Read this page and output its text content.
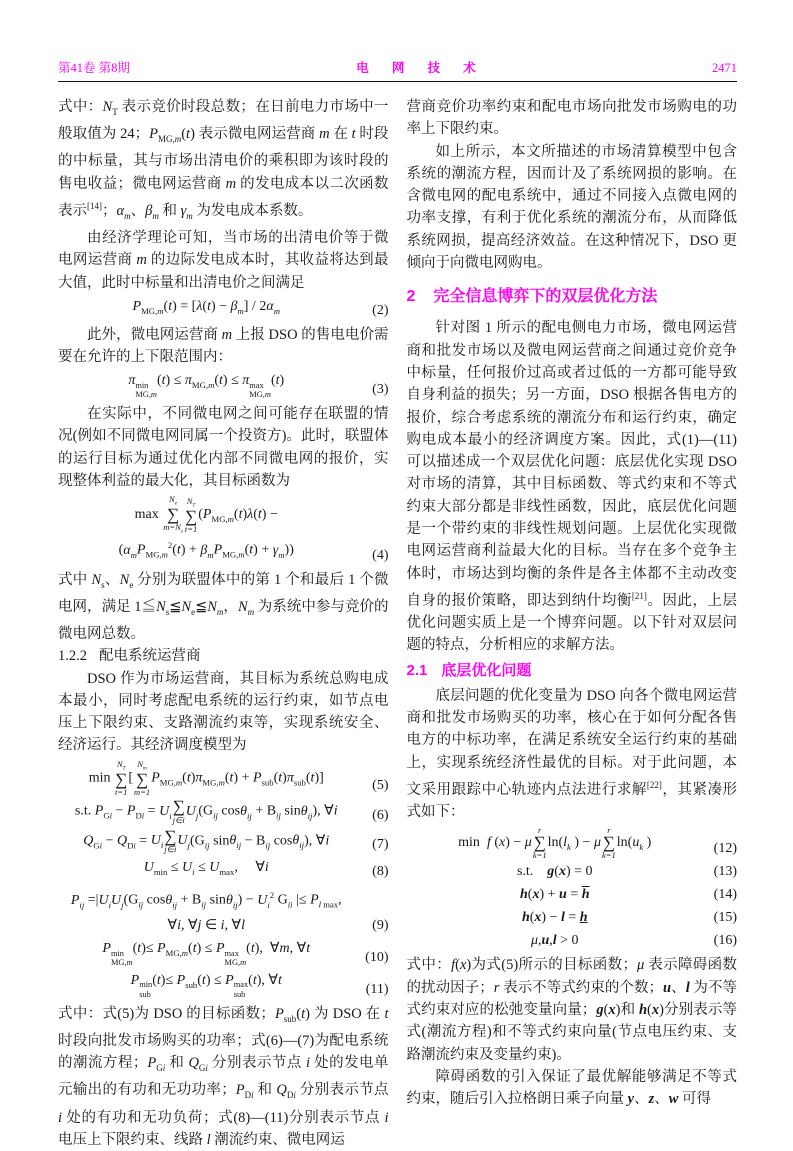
第41卷 第8期	电 网 技 术	2471

式中：$N_T$ 表示竞价时段总数；在日前电力市场中一般取值为 24；$P_{MG,m}(t)$ 表示微电网运营商 m 在 t 时段的中标量，其与市场出清电价的乘积即为该时段的售电收益；微电网运营商 m 的发电成本以二次函数表示[14]；$\alpha_m$、$\beta_m$ 和 $\gamma_m$ 为发电成本系数。

由经济学理论可知，当市场的出清电价等于微电网运营商 m 的边际发电成本时，其收益将达到最大值，此时中标量和出清电价之间满足

$P_{MG,m}(t) = [\lambda(t) - \beta_m] / 2\alpha_m$	(2)

此外，微电网运营商 m 上报 DSO 的售电电价需要在允许的上下限范围内：

π min
MG,m
$(t) \le \pi_{MG,m}(t) \le \pi$ max
MG,m
(t)
(3)

在实际中，不同微电网之间可能存在联盟的情况(例如不同微电网同属一个投资方)。此时，联盟体的运行目标为通过优化内部不同微电网的报价，实现整体利益的最大化，其目标函数为

max
$N_e$
∑
$m=N_s$
$N_T$
∑
t=1
($P_{MG,m}(t)\lambda(t)$ −
$(\alpha_mP_{MG,m}^2(t) + \beta_mP_{MG,m}(t) + \gamma_m)$)	(4)

式中 $N_s$、$N_e$ 分别为联盟体中的第 1 个和最后 1 个微电网，满足 $1≦N_s≦N_e≦N_m$，$N_m$ 为系统中参与竞价的微电网总数。

1.2.2 配电系统运营商

DSO 作为市场运营商，其目标为系统总购电成本最小，同时考虑配电系统的运行约束，如节点电压上下限约束、支路潮流约束等，实现系统安全、经济运行。其经济调度模型为

min
$N_T$
∑
t=1
[
$N_m$
∑
m=1
$P_{MG,m}(t)\pi_{MG,m}(t) + P_{sub}(t)\pi_{sub}(t)$]
(5)
s.t. $P_{Gi} - P_{Di} = U_i$ ∑
j∈i
$U_j(G_{ij}$ $\cos\theta_{ij} + B_{ij}$ sinθ$_{ij}$), ∀i	(6)
$Q_{Gi} - Q_{Di} = U_i$ ∑
j∈i
$U_j(G_{ij}$ $\sin\theta_{ij} - B_{ij}$ cosθ$_{ij}$), ∀i	(7)
$U_{min} \le U_i \le U_{max}$,     ∀i	(8)
$P_{ij} =|U_iU_j(G_{ij}$ $\cos\theta_{ij} + B_{ij}$ $\sin\theta_{ij}) - U_i^2$ $G_{ii}$ |≤ $P_{l max}$,
∀i, ∀j ∈ i, ∀l	(9)
P min
MG,m
$(t)\le P_{MG,m}(t) \le P$ max
MG,m
(t),  ∀m, ∀t
(10)
P min
sub
$(t)\le P_{sub}(t) \le P$ max
sub
(t), ∀t
(11)

式中：式(5)为 DSO 的目标函数；$P_{sub}(t)$ 为 DSO 在 t 时段向批发市场购买的功率；式(6)—(7)为配电系统的潮流方程；$P_{Gi}$ 和 $Q_{Gi}$ 分别表示节点 i 处的发电单元输出的有功和无功功率；$P_{Di}$ 和 $Q_{Di}$ 分别表示节点 i 处的有功和无功负荷；式(8)—(11)分别表示节点 i 电压上下限约束、线路 l 潮流约束、微电网运

营商竞价功率约束和配电市场向批发市场购电的功率上下限约束。

如上所示，本文所描述的市场清算模型中包含系统的潮流方程，因而计及了系统网损的影响。在含微电网的配电系统中，通过不同接入点微电网的功率支撑，有利于优化系统的潮流分布，从而降低系统网损，提高经济效益。在这种情况下，DSO 更倾向于向微电网购电。

2 完全信息博弈下的双层优化方法

针对图 1 所示的配电侧电力市场，微电网运营商和批发市场以及微电网运营商之间通过竞价竞争中标量，任何报价过高或者过低的一方都可能导致自身利益的损失；另一方面，DSO 根据各售电方的报价，综合考虑系统的潮流分布和运行约束，确定购电成本最小的经济调度方案。因此，式(1)—(11)可以描述成一个双层优化问题：底层优化实现 DSO 对市场的清算，其中目标函数、等式约束和不等式约束大部分都是非线性函数，因此，底层优化问题是一个带约束的非线性规划问题。上层优化实现微电网运营商利益最大化的目标。当存在多个竞争主体时，市场达到均衡的条件是各主体都不主动改变自身的报价策略，即达到纳什均衡[21]。因此，上层优化问题实质上是一个博弈问题。以下针对双层问题的特点，分析相应的求解方法。

2.1 底层优化问题

底层问题的优化变量为 DSO 向各个微电网运营商和批发市场购买的功率，核心在于如何分配各售电方的中标功率，在满足系统安全运行约束的基础上，实现系统经济性最优的目标。对于此问题，本文采用跟踪中心轨迹内点法进行求解[22]，其紧凑形式如下：

min  f (x) − μ
r
∑
k=1
$\ln(l_k$ ) − μ
r
∑
k=1
$\ln(u_k$ )	(12)
s.t.    g(x) = 0	(13)
$h(x) + u = \overline{h}$	(14)
h(x) − l = h	(15)
μ,u,l > 0	(16)

式中：f(x)为式(5)所示的目标函数；μ 表示障碍函数的扰动因子；r 表示不等式约束的个数；u、l 为不等式约束对应的松弛变量向量；g(x)和 h(x)分别表示等式(潮流方程)和不等式约束向量(节点电压约束、支路潮流约束及变量约束)。

障碍函数的引入保证了最优解能够满足不等式约束，随后引入拉格朗日乘子向量 y、z、w 可得
